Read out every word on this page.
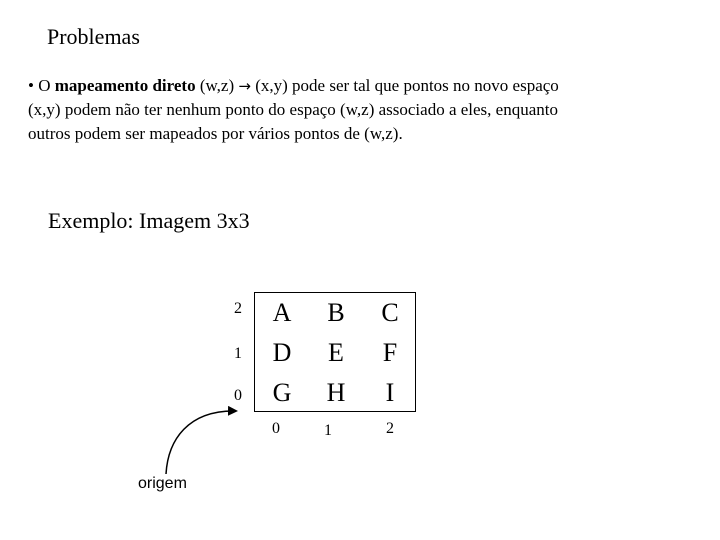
Problemas
• O mapeamento direto (w,z) → (x,y) pode ser tal que pontos no novo espaço
(x,y) podem não ter nenhum ponto do espaço (w,z) associado a eles, enquanto
outros podem ser mapeados por vários pontos de (w,z).
Exemplo: Imagem 3x3
2
1
0
A	B	C
D	E	F
G	H	I
0	1	2
origem
